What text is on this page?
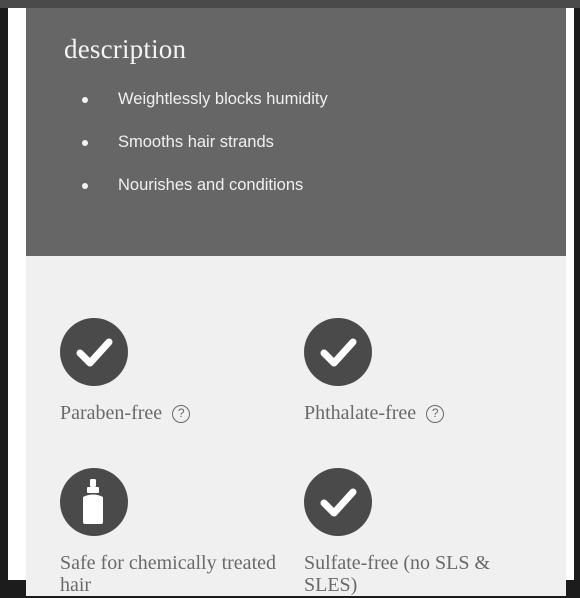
description
Weightlessly blocks humidity
Smooths hair strands
Nourishes and conditions
Paraben-free ?	Phthalate-free ?
Safe for chemically treated hair
Sulfate-free (no SLS & SLES)
